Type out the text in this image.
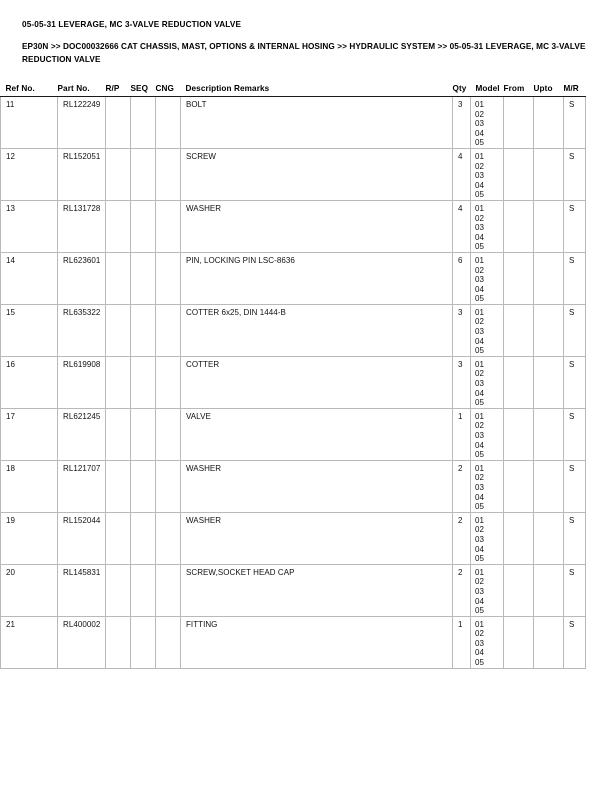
05-05-31 LEVERAGE, MC 3-VALVE REDUCTION VALVE
EP30N >> DOC00032666 CAT CHASSIS, MAST, OPTIONS & INTERNAL HOSING >> HYDRAULIC SYSTEM >> 05-05-31 LEVERAGE, MC 3-VALVE REDUCTION VALVE
Ref No.	Part No.	R/P	SEQ	CNG	Description Remarks	Qty	Model	From	Upto	M/R

11	RL122249				BOLT	3	01
02
03
04
05			S
12	RL152051				SCREW	4	01
02
03
04
05			S
13	RL131728				WASHER	4	01
02
03
04
05			S
14	RL623601				PIN, LOCKING PIN LSC-8636	6	01
02
03
04
05			S
15	RL635322				COTTER 6x25, DIN 1444-B	3	01
02
03
04
05			S
16	RL619908				COTTER	3	01
02
03
04
05			S
17	RL621245				VALVE	1	01
02
03
04
05			S
18	RL121707				WASHER	2	01
02
03
04
05			S
19	RL152044				WASHER	2	01
02
03
04
05			S
20	RL145831				SCREW,SOCKET HEAD CAP	2	01
02
03
04
05			S
21	RL400002				FITTING	1	01
02
03
04
05			S
